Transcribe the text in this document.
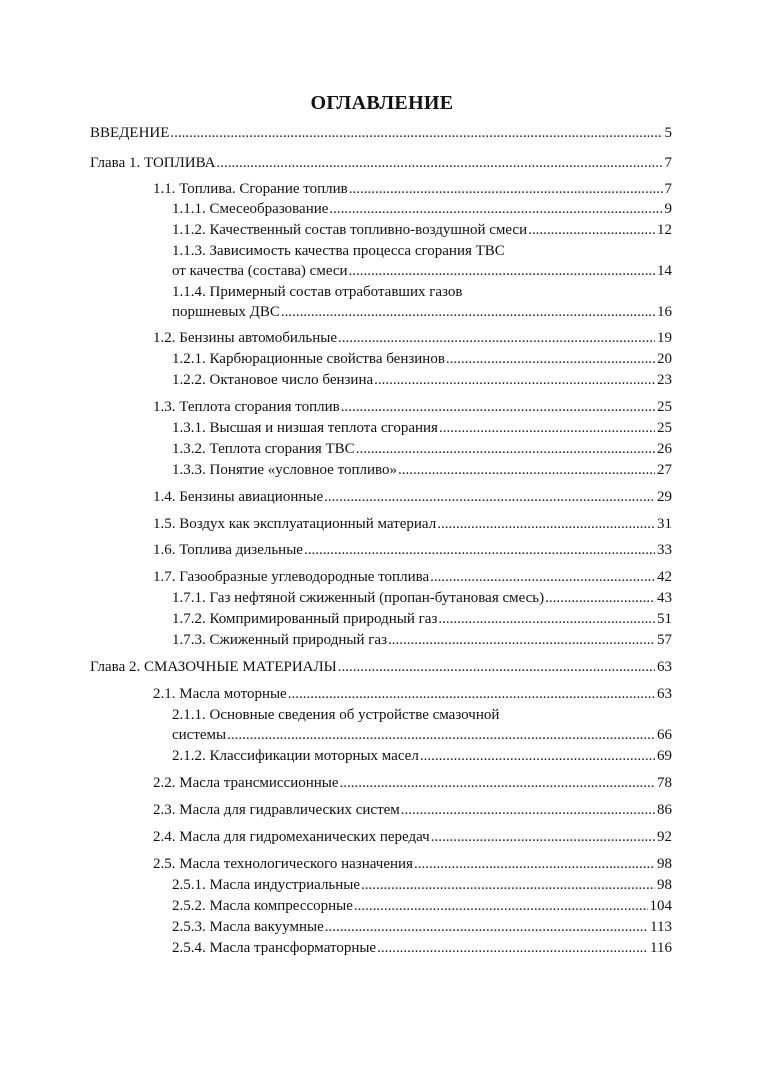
ОГЛАВЛЕНИЕ
ВВЕДЕНИЕ .....	5
Глава 1. ТОПЛИВА .....	7
1.1. Топлива. Сгорание топлив .....	7
1.1.1. Смесеобразование .....	9
1.1.2. Качественный состав топливно-воздушной смеси .....	12
1.1.3. Зависимость качества процесса сгорания ТВС
от качества (состава) смеси .....	14
1.1.4. Примерный состав отработавших газов
поршневых ДВС .....	16
1.2. Бензины автомобильные .....	19
1.2.1. Карбюрационные свойства бензинов .....	20
1.2.2. Октановое число бензина .....	23
1.3. Теплота сгорания топлив .....	25
1.3.1. Высшая и низшая теплота сгорания .....	25
1.3.2. Теплота сгорания ТВС .....	26
1.3.3. Понятие «условное топливо» .....	27
1.4. Бензины авиационные .....	29
1.5. Воздух как эксплуатационный материал .....	31
1.6. Топлива дизельные .....	33
1.7. Газообразные углеводородные топлива .....	42
1.7.1. Газ нефтяной сжиженный (пропан-бутановая смесь) .....	43
1.7.2. Компримированный природный газ .....	51
1.7.3. Сжиженный природный газ .....	57
Глава 2. СМАЗОЧНЫЕ МАТЕРИАЛЫ .....	63
2.1. Масла моторные .....	63
2.1.1. Основные сведения об устройстве смазочной
системы .....	66
2.1.2. Классификации моторных масел .....	69
2.2. Масла трансмиссионные .....	78
2.3. Масла для гидравлических систем .....	86
2.4. Масла для гидромеханических передач .....	92
2.5. Масла технологического назначения .....	98
2.5.1. Масла индустриальные .....	98
2.5.2. Масла компрессорные .....	104
2.5.3. Масла вакуумные .....	113
2.5.4. Масла трансформаторные .....	116
